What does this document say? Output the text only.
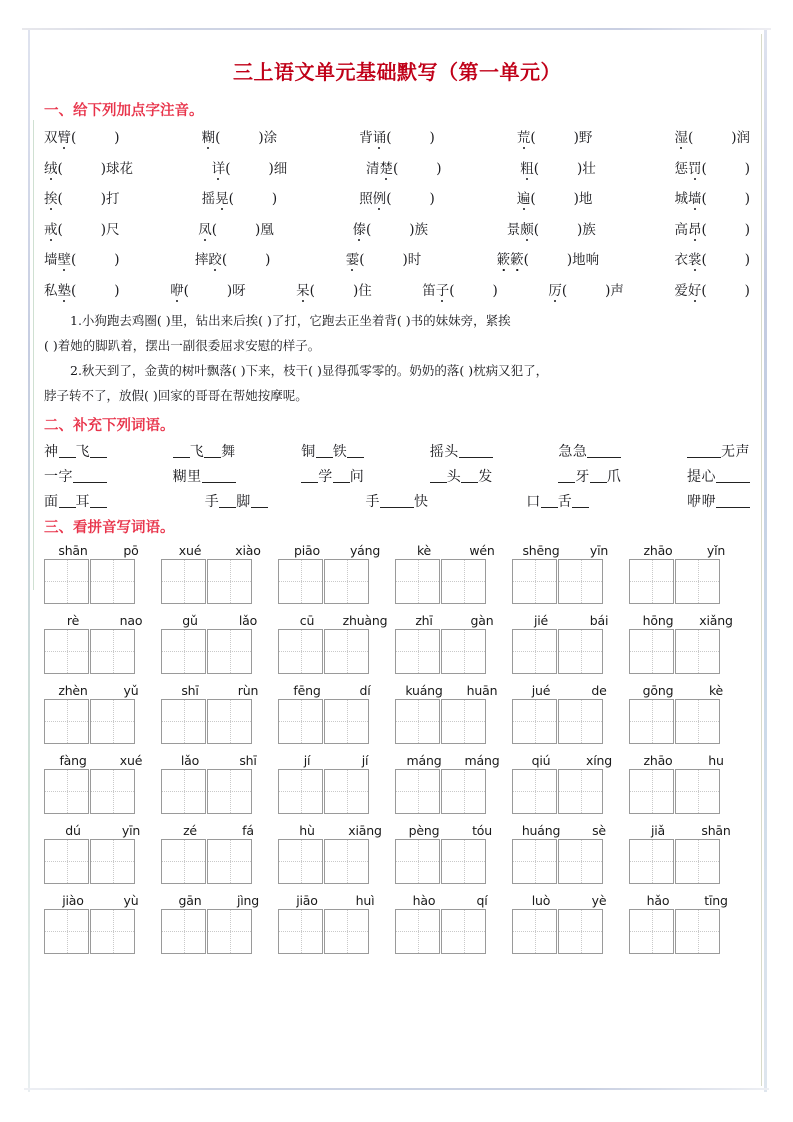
三上语文单元基础默写（第一单元）
一、给下列加点字注音。
双 臂 (	)	糊 (	)涂	背 诵 (	)	荒 (	)野	湿 (	)润
绒 (	)球花	详 (	)细	清 楚 (	)	粗 (	)壮	惩 罚 (	)
挨 (	)打	摇 晃 (	)	照 例 (	)	遍 (	)地	城 墙 (	)
戒 (	)尺	凤 (	)凰	傣 (	)族	景 颇 (	)族	高 昂 (	)
墙 壁 (	)	摔 跤 (	)	霎 (	)时	簌簌 (	)地响	衣 裳 (	)
私 塾 (	)	咿 (	)呀	呆 (	)住	笛 子 (	)	厉 (	)声	爱 好 (	)
1.小狗跑去鸡圈( )里，钻出来后挨( )了打，它跑去正坐着背( )书的妹妹旁，紧挨
( )着她的脚趴着，摆出一副很委屈求安慰的样子。
2.秋天到了，金黄的树叶飘落( )下来，枝干( )显得孤零零的。奶奶的落( )枕病又犯了，
脖子转不了，放假( )回家的哥哥在帮她按摩呢。
二、补充下列词语。
神 飞	飞 舞	铜 铁	摇头	急急	无声
一字	糊里	学 问	头 发	牙 爪	提心
面 耳	手 脚	手 快	口 舌	咿咿
三、看拼音写词语。
shān	pō	xué	xiào	piāo	yáng	kè	wén	shēng	yīn	zhāo	yǐn
rè	nao	gǔ	lǎo	cū	zhuàng	zhī	gàn	jié	bái	hōng	xiǎng
zhèn	yǔ	shī	rùn	fēng	dí	kuáng	huān	jué	de	gōng	kè
fàng	xué	lǎo	shī	jí	jí	máng	máng	qiú	xíng	zhāo	hu
dú	yīn	zé	fá	hù	xiāng	pèng	tóu	huáng	sè	jiǎ	shān
jiào	yù	gān	jìng	jiāo	huì	hào	qí	luò	yè	hǎo	tīng
